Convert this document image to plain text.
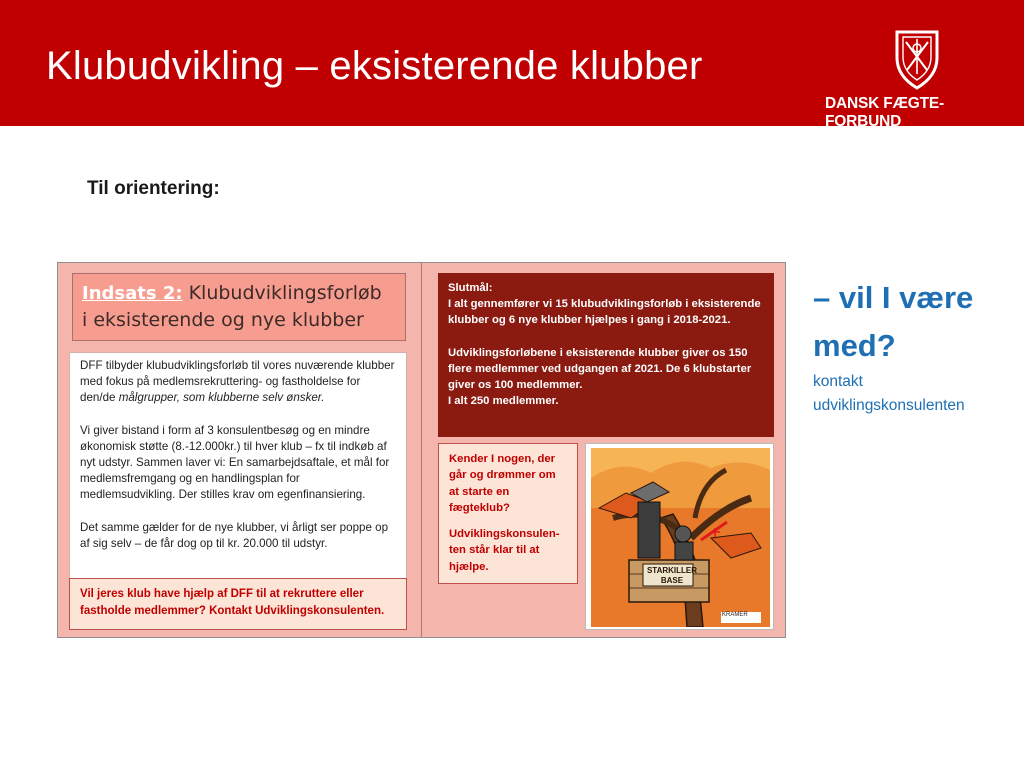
Klubudvikling – eksisterende klubber
DANSK FÆGTE-FORBUND
Til orientering:
Indsats 2: Klubudviklingsforløb
i eksisterende og nye klubber

DFF tilbyder klubudviklingsforløb til vores nuværende klubber med fokus på medlemsrekruttering- og fastholdelse for den/de målgrupper, som klubberne selv ønsker.

Vi giver bistand i form af 3 konsulentbesøg og en mindre økonomisk støtte (8.-12.000kr.) til hver klub – fx til indkøb af nyt udstyr. Sammen laver vi: En samarbejdsaftale, et mål for medlemsfremgang og en handlingsplan for medlemsudvikling. Der stilles krav om egenfinansiering.

Det samme gælder for de nye klubber, vi årligt ser poppe op af sig selv – de får dog op til kr. 20.000 til udstyr.

Vil jeres klub have hjælp af DFF til at rekruttere eller fastholde medlemmer? Kontakt Udviklingskonsulenten.

Slutmål:
I alt gennemfører vi 15 klubudviklingsforløb i eksisterende klubber og 6 nye klubber hjælpes i gang i 2018-2021.

Udviklingsforløbene i eksisterende klubber giver os 150 flere medlemmer ved udgangen af 2021. De 6 klubstarter giver os 100 medlemmer.
I alt 250 medlemmer.

Kender I nogen, der går og drømmer om at starte en fægteklub?

Udviklingskonsulen-ten står klar til at hjælpe.	STARKILLER BASE
KRAMER
– vil I være med?
kontakt udviklingskonsulenten
